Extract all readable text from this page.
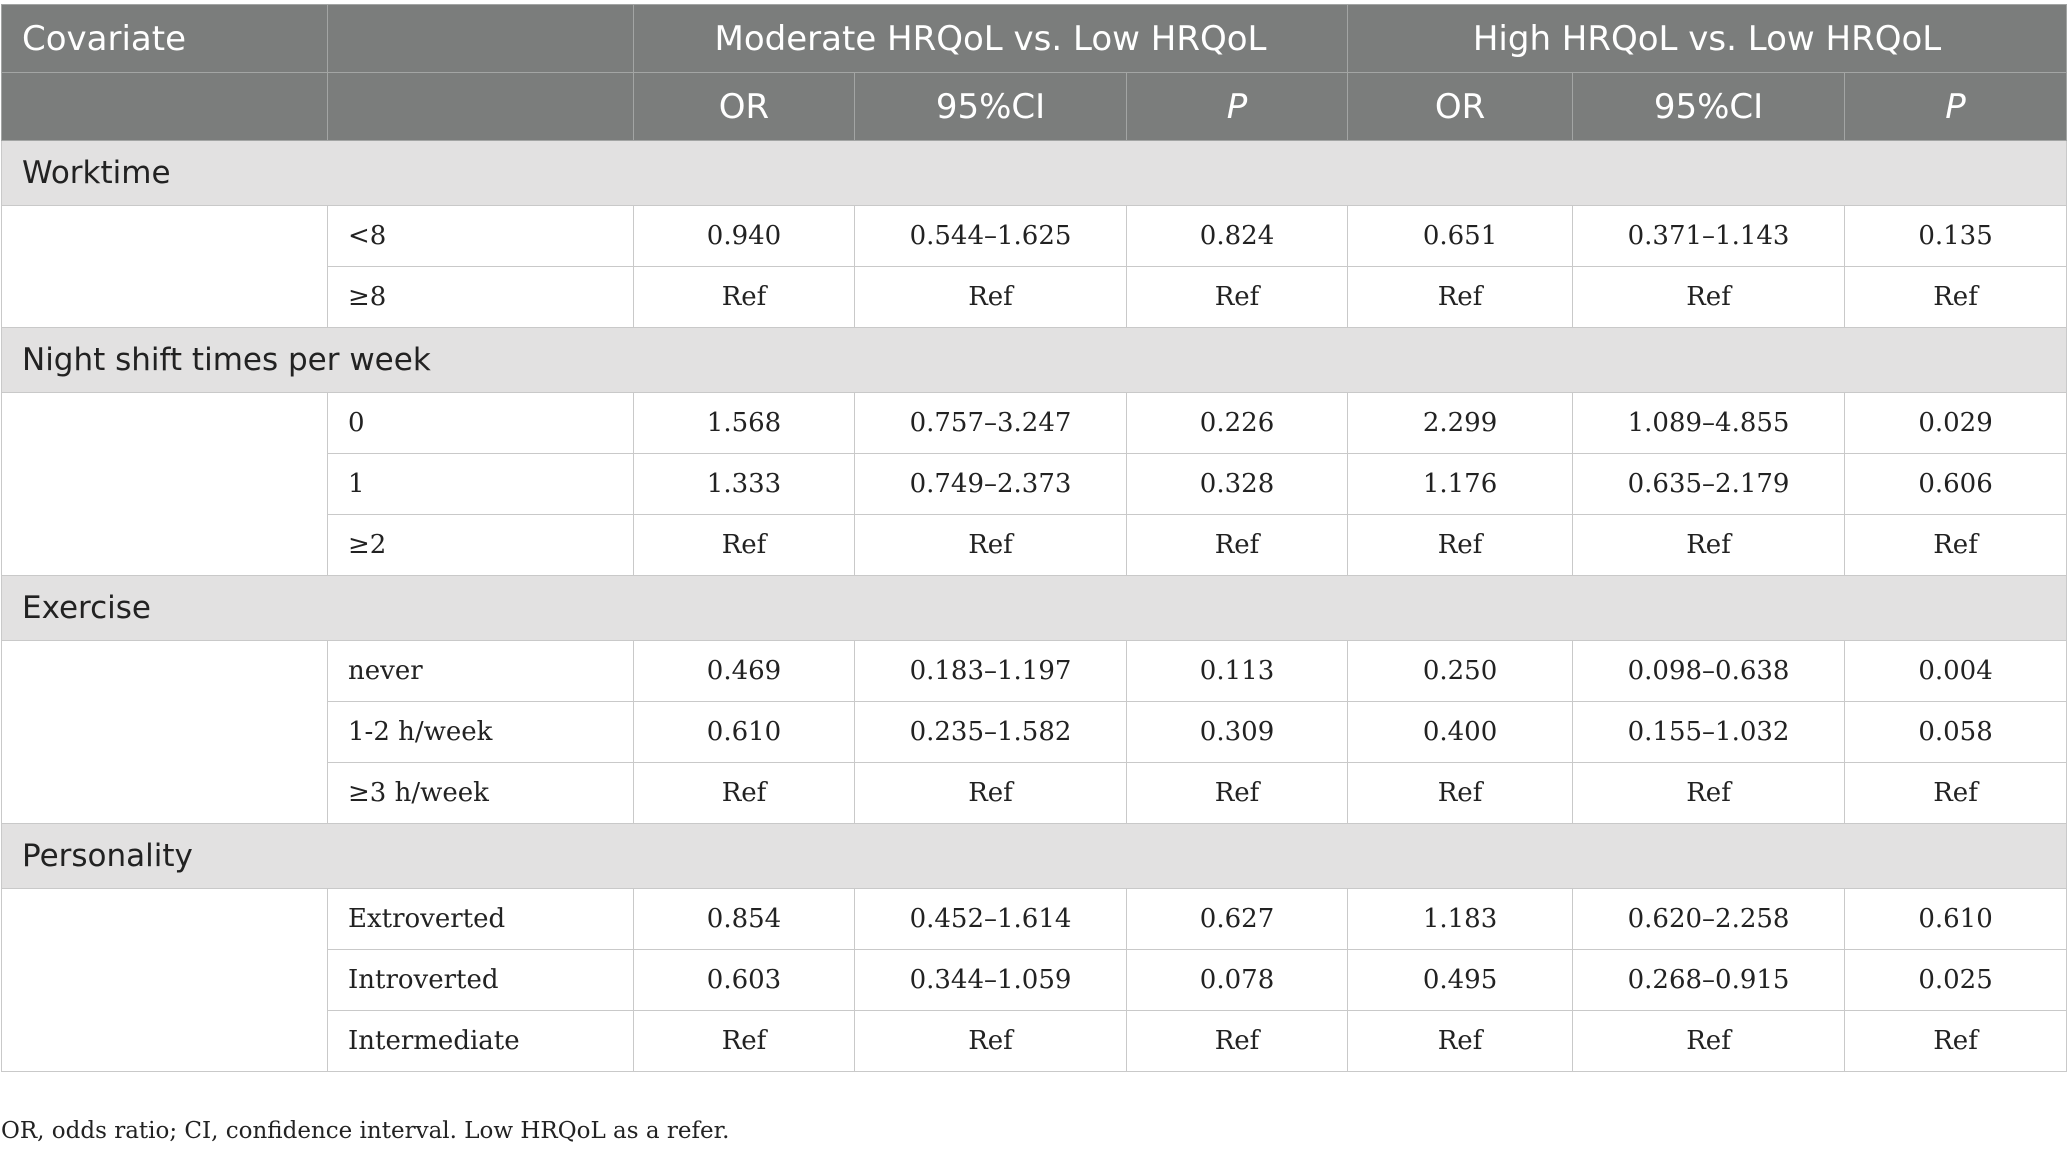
Covariate		Moderate HRQoL vs. Low HRQoL			High HRQoL vs. Low HRQoL		
		OR	95%CI	P	OR	95%CI	P
Worktime							
	<8	0.940	0.544–1.625	0.824	0.651	0.371–1.143	0.135
	≥8	Ref	Ref	Ref	Ref	Ref	Ref
Night shift times per week							
	0	1.568	0.757–3.247	0.226	2.299	1.089–4.855	0.029
	1	1.333	0.749–2.373	0.328	1.176	0.635–2.179	0.606
	≥2	Ref	Ref	Ref	Ref	Ref	Ref
Exercise							
	never	0.469	0.183–1.197	0.113	0.250	0.098–0.638	0.004
	1-2 h/week	0.610	0.235–1.582	0.309	0.400	0.155–1.032	0.058
	≥3 h/week	Ref	Ref	Ref	Ref	Ref	Ref
Personality							
	Extroverted	0.854	0.452–1.614	0.627	1.183	0.620–2.258	0.610
	Introverted	0.603	0.344–1.059	0.078	0.495	0.268–0.915	0.025
	Intermediate	Ref	Ref	Ref	Ref	Ref	Ref
OR, odds ratio; CI, confidence interval. Low HRQoL as a refer.
